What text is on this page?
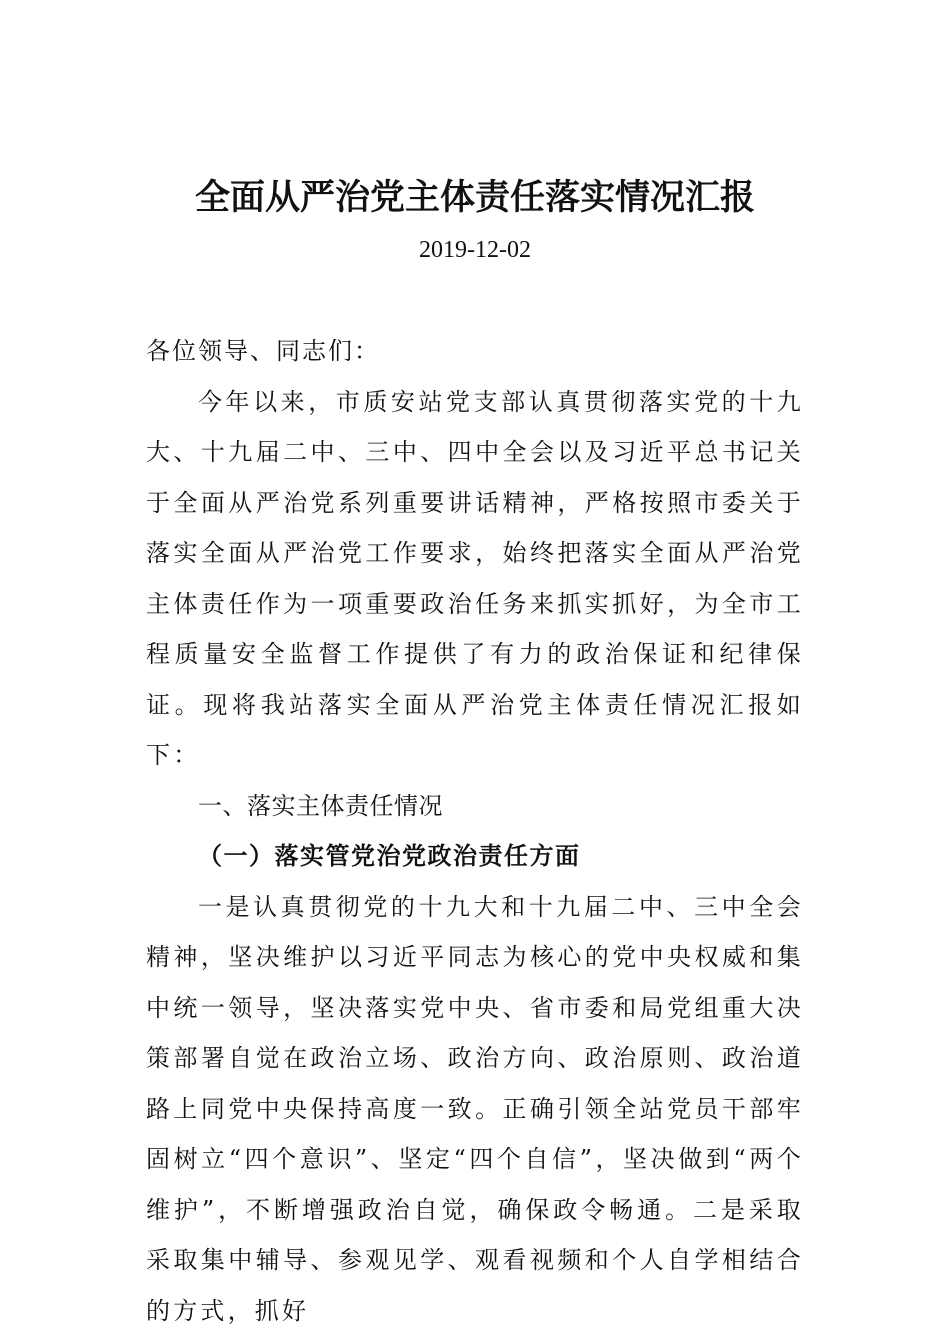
全面从严治党主体责任落实情况汇报
2019-12-02

各位领导、同志们：

今年以来，市质安站党支部认真贯彻落实党的十九大、十九届二中、三中、四中全会以及习近平总书记关于全面从严治党系列重要讲话精神，严格按照市委关于落实全面从严治党工作要求，始终把落实全面从严治党主体责任作为一项重要政治任务来抓实抓好，为全市工程质量安全监督工作提供了有力的政治保证和纪律保证。现将我站落实全面从严治党主体责任情况汇报如下：

一、落实主体责任情况

（一）落实管党治党政治责任方面

一是认真贯彻党的十九大和十九届二中、三中全会精神，坚决维护以习近平同志为核心的党中央权威和集中统一领导，坚决落实党中央、省市委和局党组重大决策部署自觉在政治立场、政治方向、政治原则、政治道路上同党中央保持高度一致。正确引领全站党员干部牢固树立“四个意识”、坚定“四个自信”，坚决做到“两个维护”，不断增强政治自觉，确保政令畅通。二是采取采取集中辅导、参观见学、观看视频和个人自学相结合的方式，抓好
